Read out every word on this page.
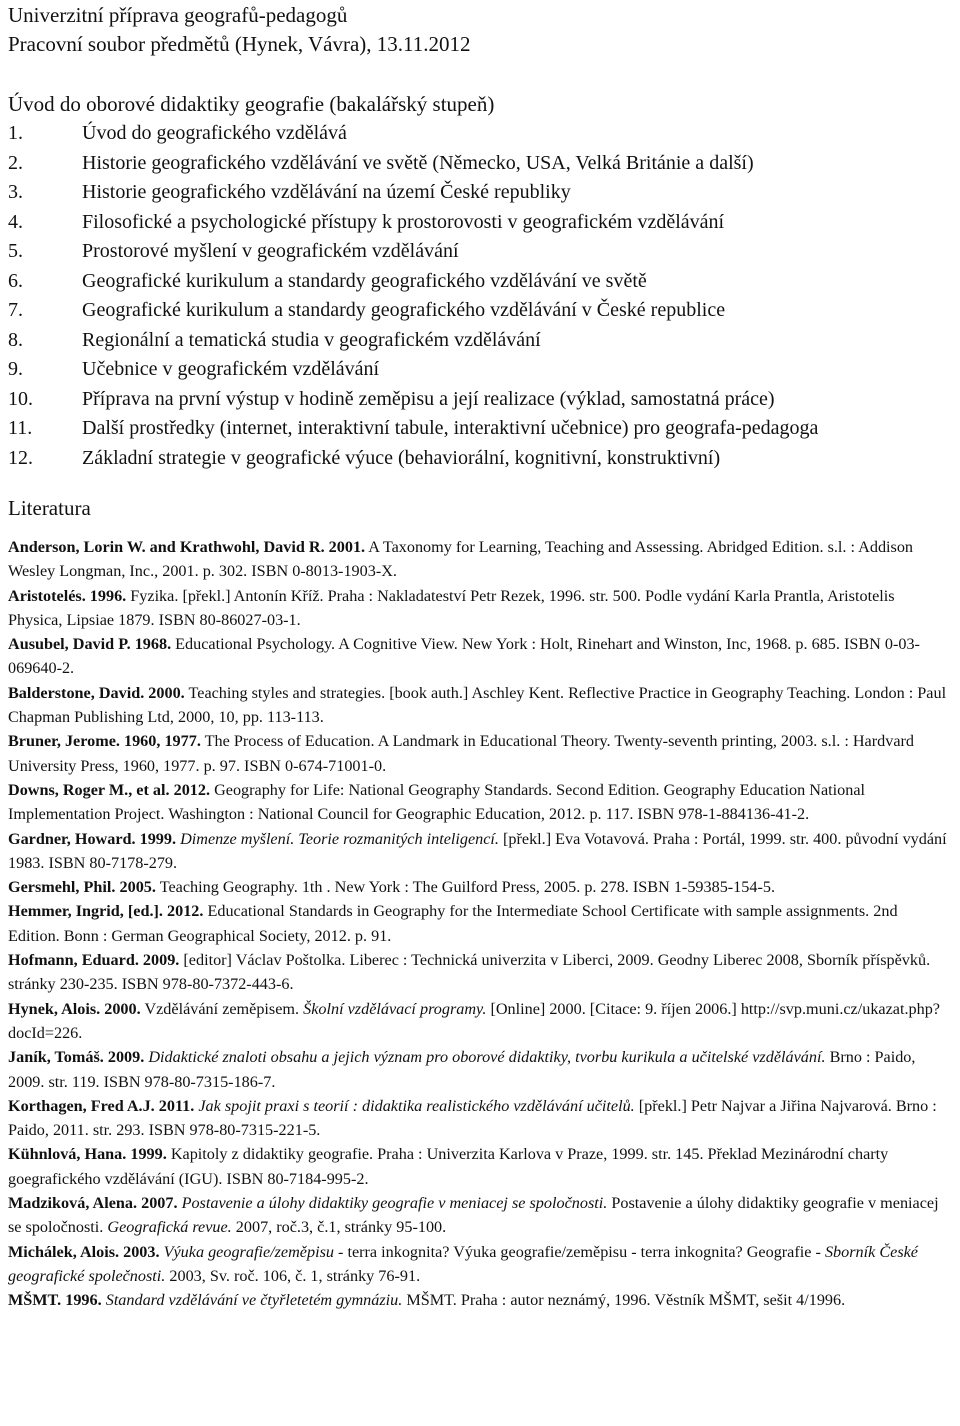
Univerzitní příprava geografů-pedagogů
Pracovní soubor předmětů (Hynek, Vávra), 13.11.2012
Úvod do oborové didaktiky geografie (bakalářský stupeň)
1.	Úvod do geografického vzdělává
2.	Historie geografického vzdělávání ve světě (Německo, USA, Velká Británie a další)
3.	Historie geografického vzdělávání na území České republiky
4.	Filosofické a psychologické přístupy k prostorovosti v geografickém vzdělávání
5.	Prostorové myšlení v geografickém vzdělávání
6.	Geografické kurikulum a standardy geografického vzdělávání ve světě
7.	Geografické kurikulum a standardy geografického vzdělávání v České republice
8.	Regionální a tematická studia v geografickém vzdělávání
9.	Učebnice v geografickém vzdělávání
10.	Příprava na první výstup v hodině zeměpisu a její realizace (výklad, samostatná práce)
11.	Další prostředky (internet, interaktivní tabule, interaktivní učebnice) pro geografa-pedagoga
12.	Základní strategie v geografické výuce (behaviorální, kognitivní, konstruktivní)
Literatura

Anderson, Lorin W. and Krathwohl, David R. 2001. A Taxonomy for Learning, Teaching and Assessing. Abridged Edition. s.l. : Addison Wesley Longman, Inc., 2001. p. 302. ISBN 0-8013-1903-X.

Aristotelés. 1996. Fyzika. [překl.] Antonín Kříž. Praha : Nakladateství Petr Rezek, 1996. str. 500. Podle vydání Karla Prantla, Aristotelis Physica, Lipsiae 1879. ISBN 80-86027-03-1.

Ausubel, David P. 1968. Educational Psychology. A Cognitive View. New York : Holt, Rinehart and Winston, Inc, 1968. p. 685. ISBN 0-03-069640-2.

Balderstone, David. 2000. Teaching styles and strategies. [book auth.] Aschley Kent. Reflective Practice in Geography Teaching. London : Paul Chapman Publishing Ltd, 2000, 10, pp. 113-113.

Bruner, Jerome. 1960, 1977. The Process of Education. A Landmark in Educational Theory. Twenty-seventh printing, 2003. s.l. : Hardvard University Press, 1960, 1977. p. 97. ISBN 0-674-71001-0.

Downs, Roger M., et al. 2012. Geography for Life: National Geography Standards. Second Edition. Geography Education National Implementation Project. Washington : National Council for Geographic Education, 2012. p. 117. ISBN 978-1-884136-41-2.

Gardner, Howard. 1999. Dimenze myšlení. Teorie rozmanitých inteligencí. [překl.] Eva Votavová. Praha : Portál, 1999. str. 400. původní vydání 1983. ISBN 80-7178-279.

Gersmehl, Phil. 2005. Teaching Geography. 1th . New York : The Guilford Press, 2005. p. 278. ISBN 1-59385-154-5.

Hemmer, Ingrid, [ed.]. 2012. Educational Standards in Geography for the Intermediate School Certificate with sample assignments. 2nd Edition. Bonn : German Geographical Society, 2012. p. 91.

Hofmann, Eduard. 2009. [editor] Václav Poštolka. Liberec : Technická univerzita v Liberci, 2009. Geodny Liberec 2008, Sborník příspěvků. stránky 230-235. ISBN 978-80-7372-443-6.

Hynek, Alois. 2000. Vzdělávání zeměpisem. Školní vzdělávací programy. [Online] 2000. [Citace: 9. říjen 2006.] http://svp.muni.cz/ukazat.php?docId=226.

Janík, Tomáš. 2009. Didaktické znaloti obsahu a jejich význam pro oborové didaktiky, tvorbu kurikula a učitelské vzdělávání. Brno : Paido, 2009. str. 119. ISBN 978-80-7315-186-7.

Korthagen, Fred A.J. 2011. Jak spojit praxi s teorií : didaktika realistického vzdělávání učitelů. [překl.] Petr Najvar a Jiřina Najvarová. Brno : Paido, 2011. str. 293. ISBN 978-80-7315-221-5.

Kühnlová, Hana. 1999. Kapitoly z didaktiky geografie. Praha : Univerzita Karlova v Praze, 1999. str. 145. Překlad Mezinárodní charty goegrafického vzdělávání (IGU). ISBN 80-7184-995-2.

Madziková, Alena. 2007. Postavenie a úlohy didaktiky geografie v meniacej se spoločnosti. Postavenie a úlohy didaktiky geografie v meniacej se spoločnosti. Geografická revue. 2007, roč.3, č.1, stránky 95-100.

Michálek, Alois. 2003. Výuka geografie/zeměpisu - terra inkognita? Výuka geografie/zeměpisu - terra inkognita? Geografie - Sborník České geografické společnosti. 2003, Sv. roč. 106, č. 1, stránky 76-91.

MŠMT. 1996. Standard vzdělávání ve čtyřletetém gymnáziu. MŠMT. Praha : autor neznámý, 1996. Věstník MŠMT, sešit 4/1996.
